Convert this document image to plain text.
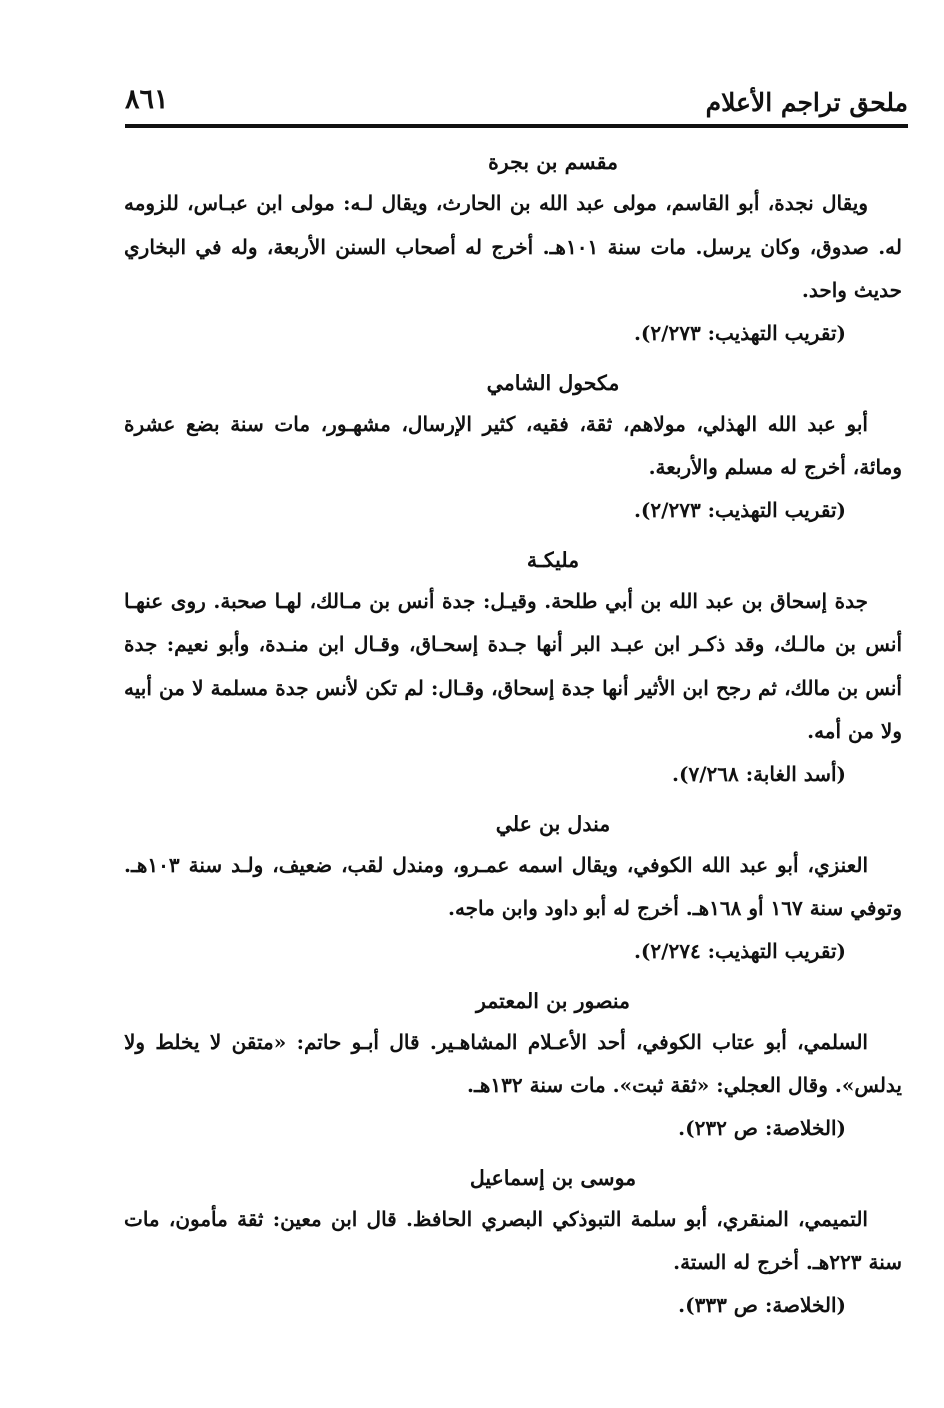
ملحق تراجم الأعلام
٨٦١
مقسم بن بجرة
ويقال نجدة، أبو القاسم، مولى عبد الله بن الحارث، ويقال لـه: مولى ابن عبـاس، للزومه له. صدوق، وكان يرسل. مات سنة ١٠١هـ. أخرج له أصحاب السنن الأربعة، وله في البخاري حديث واحد.
(تقريب التهذيب: ٢/٢٧٣).
مكحول الشامي
أبو عبد الله الهذلي، مولاهم، ثقة، فقيه، كثير الإرسال، مشهـور، مات سنة بضع عشرة ومائة، أخرج له مسلم والأربعة.
(تقريب التهذيب: ٢/٢٧٣).
مليكـة
جدة إسحاق بن عبد الله بن أبي طلحة. وقيـل: جدة أنس بن مـالك، لهـا صحبة. روى عنهـا أنس بن مالـك، وقد ذكـر ابن عبـد البر أنها جـدة إسحـاق، وقـال ابن منـدة، وأبو نعيم: جدة أنس بن مالك، ثم رجح ابن الأثير أنها جدة إسحاق، وقـال: لم تكن لأنس جدة مسلمة لا من أبيه ولا من أمه.
(أسد الغابة: ٧/٢٦٨).
مندل بن علي
العنزي، أبو عبد الله الكوفي، ويقال اسمه عمـرو، ومندل لقب، ضعيف، ولـد سنة ١٠٣هـ. وتوفي سنة ١٦٧ أو ١٦٨هـ. أخرج له أبو داود وابن ماجه.
(تقريب التهذيب: ٢/٢٧٤).
منصور بن المعتمر
السلمي، أبو عتاب الكوفي، أحد الأعـلام المشاهـير. قال أبـو حاتم: «متقن لا يخلط ولا يدلس». وقال العجلي: «ثقة ثبت». مات سنة ١٣٢هـ.
(الخلاصة: ص ٢٣٢).
موسى بن إسماعيل
التميمي، المنقري، أبو سلمة التبوذكي البصري الحافظ. قال ابن معين: ثقة مأمون، مات سنة ٢٢٣هـ. أخرج له الستة.
(الخلاصة: ص ٣٣٣).
